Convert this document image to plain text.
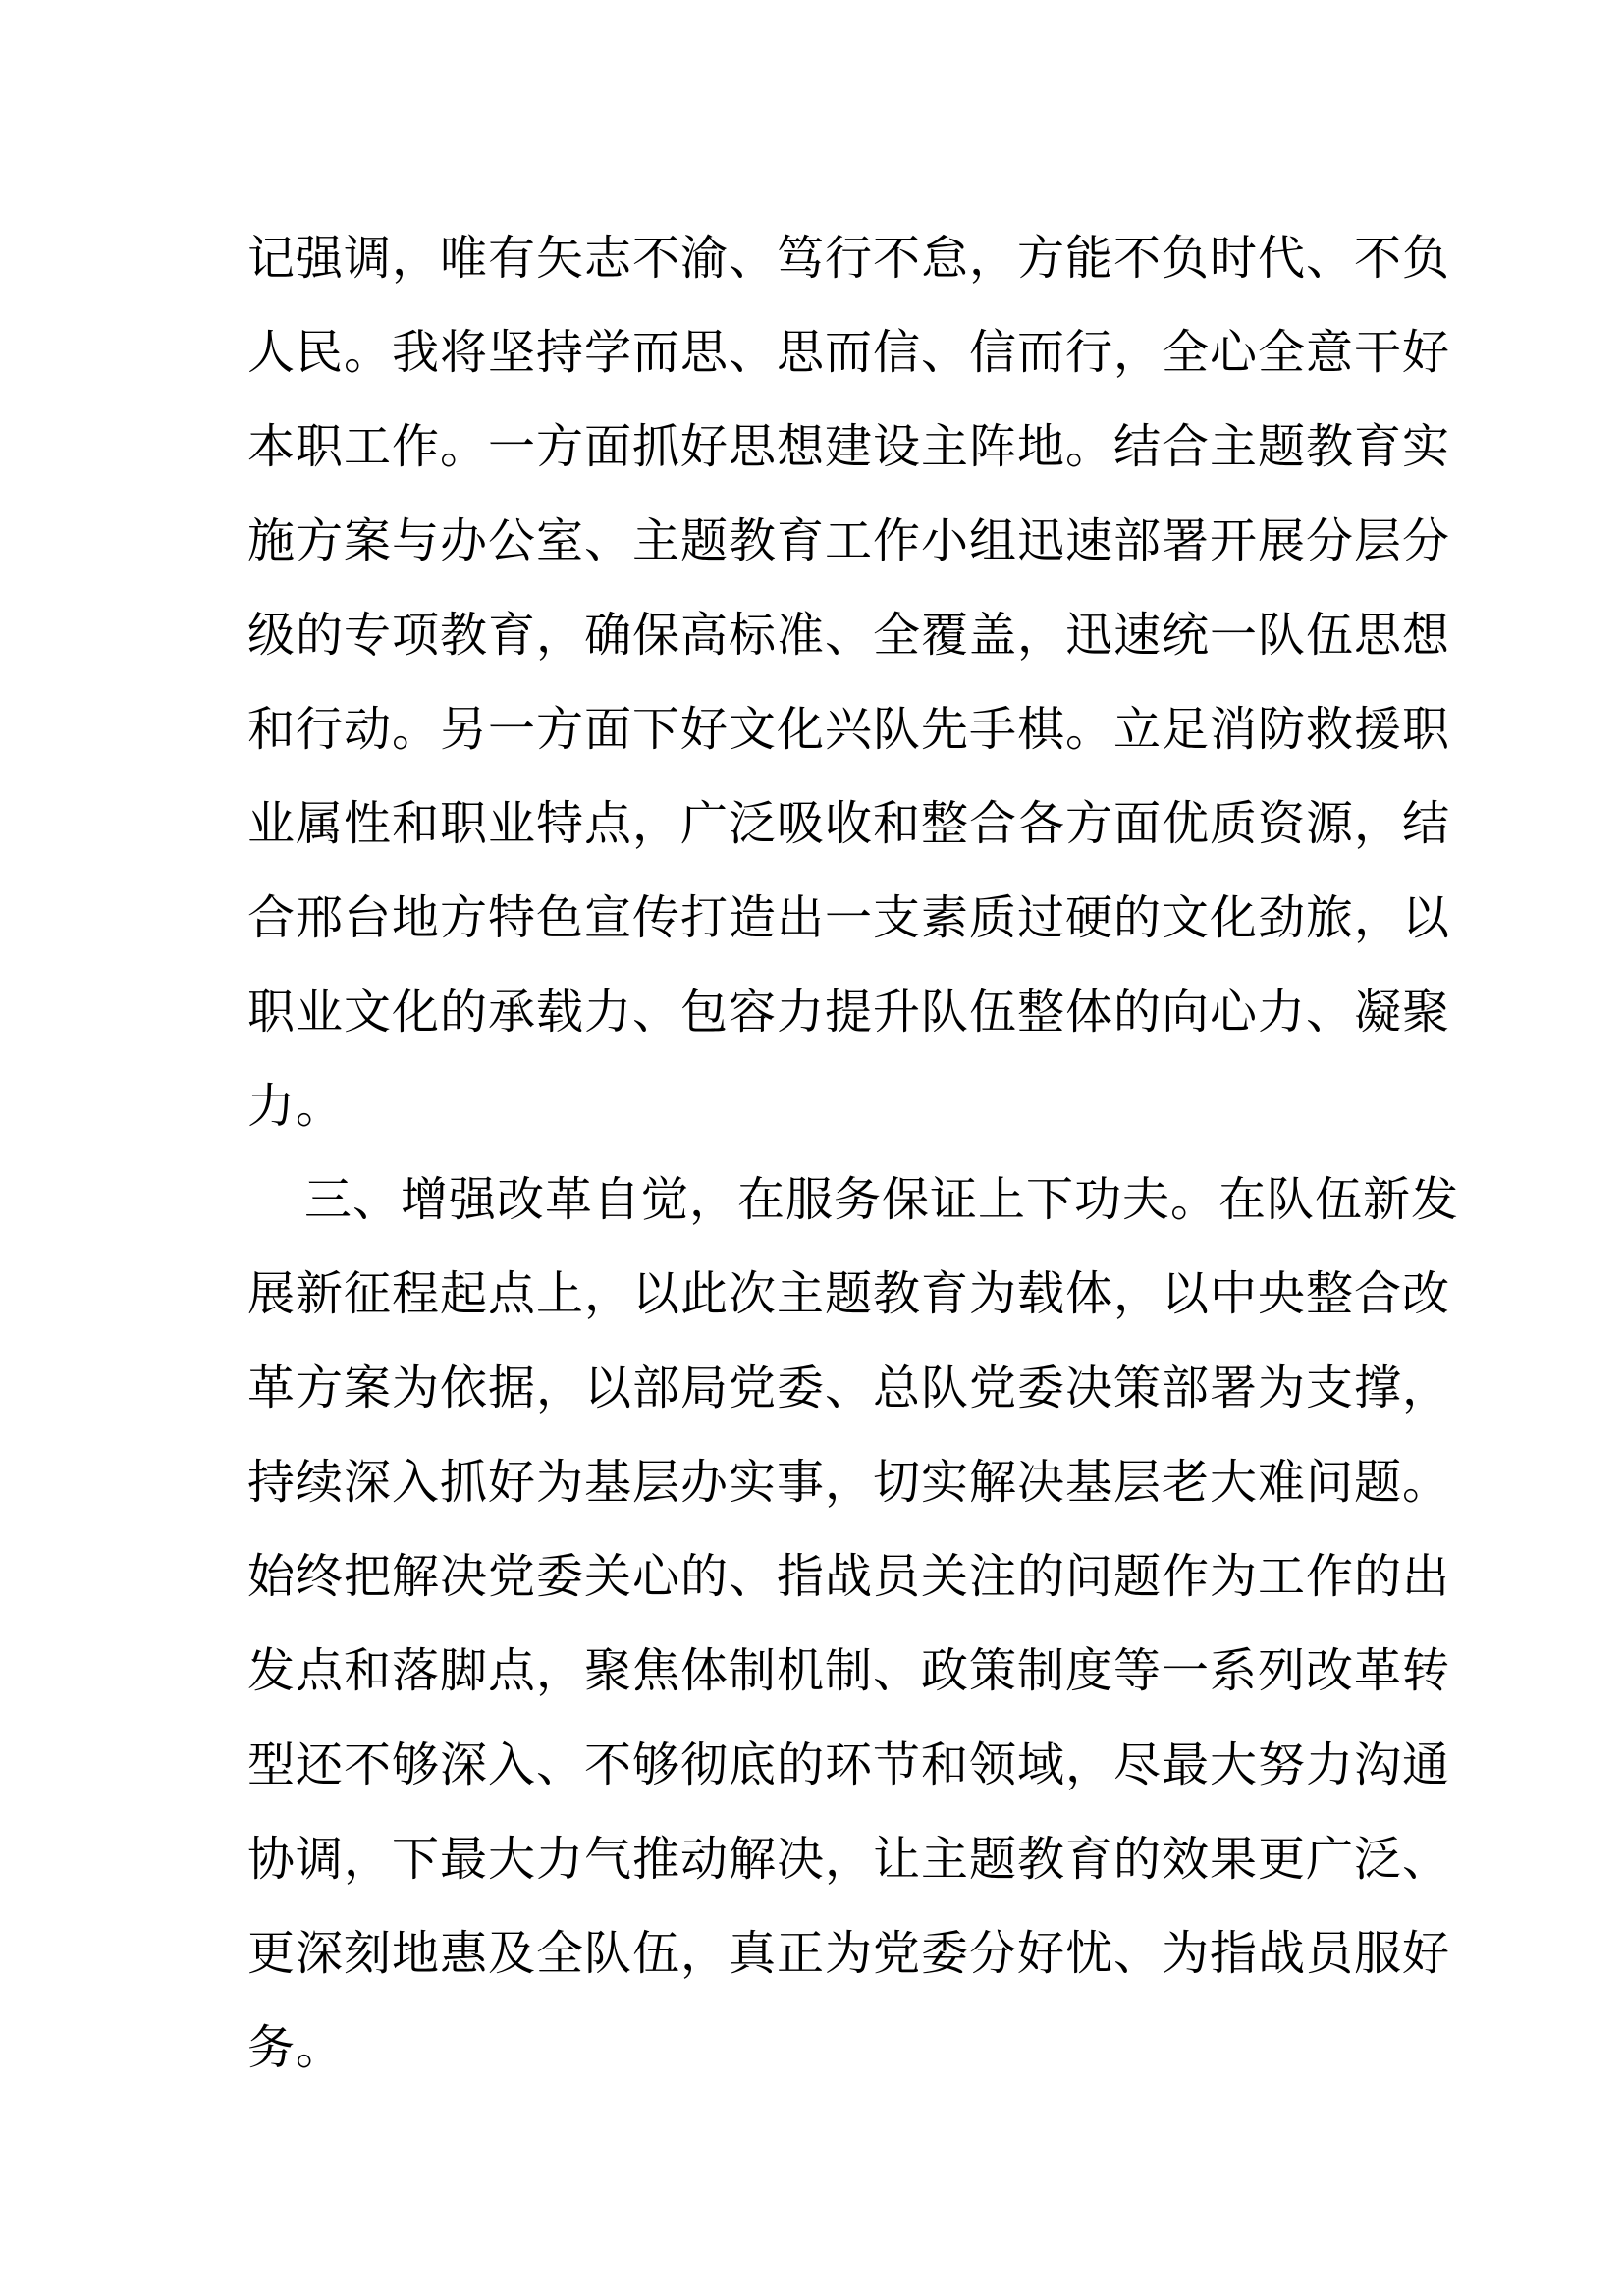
记强调，唯有矢志不渝、笃行不怠，方能不负时代、不负
人民。我将坚持学而思、思而信、信而行，全心全意干好
本职工作。一方面抓好思想建设主阵地。结合主题教育实
施方案与办公室、主题教育工作小组迅速部署开展分层分
级的专项教育，确保高标准、全覆盖，迅速统一队伍思想
和行动。另一方面下好文化兴队先手棋。立足消防救援职
业属性和职业特点，广泛吸收和整合各方面优质资源，结
合邢台地方特色宣传打造出一支素质过硬的文化劲旅，以
职业文化的承载力、包容力提升队伍整体的向心力、凝聚
力。
三、增强改革自觉，在服务保证上下功夫。在队伍新发
展新征程起点上，以此次主题教育为载体，以中央整合改
革方案为依据，以部局党委、总队党委决策部署为支撑，
持续深入抓好为基层办实事，切实解决基层老大难问题。
始终把解决党委关心的、指战员关注的问题作为工作的出
发点和落脚点，聚焦体制机制、政策制度等一系列改革转
型还不够深入、不够彻底的环节和领域，尽最大努力沟通
协调，下最大力气推动解决，让主题教育的效果更广泛、
更深刻地惠及全队伍，真正为党委分好忧、为指战员服好
务。
